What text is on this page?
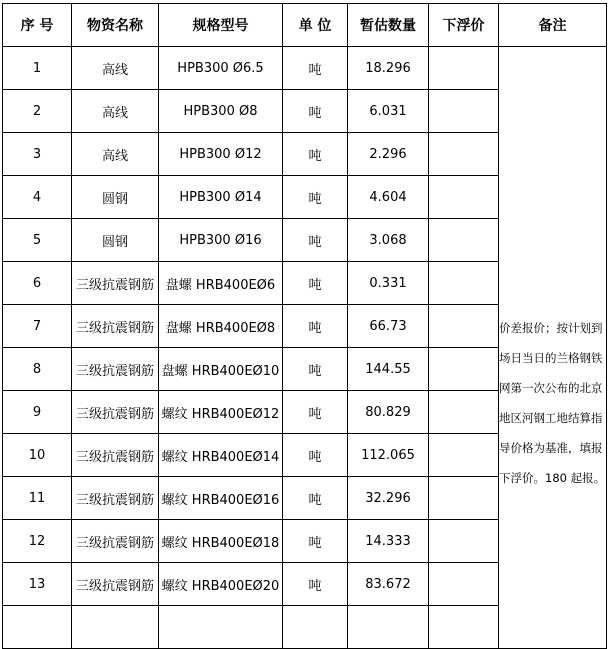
序 号	物资名称	规格型号	单 位	暂估数量	下浮价	备注
1	高线	HPB300 Ø6.5	吨	18.296		价差报价；按计划到场日当日的兰格钢铁网第一次公布的北京地区河钢工地结算指导价格为基准，填报下浮价。180 起报。
2	高线	HPB300 Ø8	吨	6.031		
3	高线	HPB300 Ø12	吨	2.296		
4	圆钢	HPB300 Ø14	吨	4.604		
5	圆钢	HPB300 Ø16	吨	3.068		
6	三级抗震钢筋	盘螺 HRB400EØ6	吨	0.331		
7	三级抗震钢筋	盘螺 HRB400EØ8	吨	66.73		
8	三级抗震钢筋	盘螺 HRB400EØ10	吨	144.55		
9	三级抗震钢筋	螺纹 HRB400EØ12	吨	80.829		
10	三级抗震钢筋	螺纹 HRB400EØ14	吨	112.065		
11	三级抗震钢筋	螺纹 HRB400EØ16	吨	32.296		
12	三级抗震钢筋	螺纹 HRB400EØ18	吨	14.333		
13	三级抗震钢筋	螺纹 HRB400EØ20	吨	83.672		
